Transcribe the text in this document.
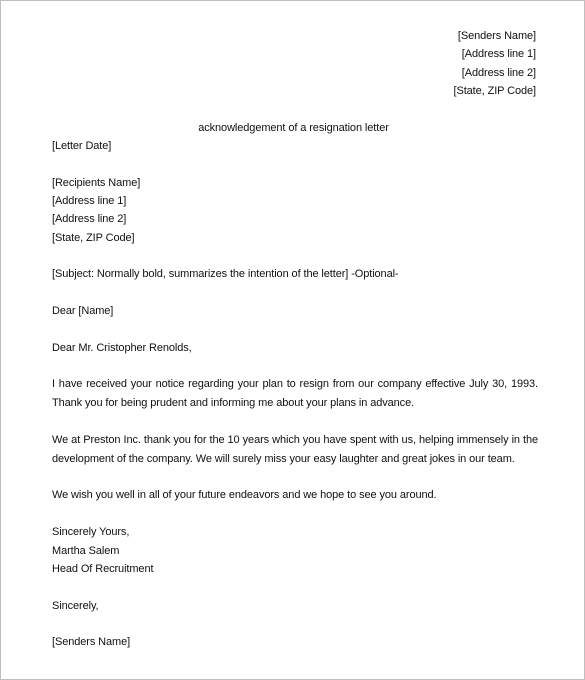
[Senders Name]
[Address line 1]
[Address line 2]
[State, ZIP Code]
acknowledgement of a resignation letter
[Letter Date]
[Recipients Name]
[Address line 1]
[Address line 2]
[State, ZIP Code]
[Subject: Normally bold, summarizes the intention of the letter] -Optional-
Dear [Name]
Dear Mr. Cristopher Renolds,
I have received your notice regarding your plan to resign from our company effective July 30, 1993. Thank you for being prudent and informing me about your plans in advance.
We at Preston Inc. thank you for the 10 years which you have spent with us, helping immensely in the development of the company. We will surely miss your easy laughter and great jokes in our team.
We wish you well in all of your future endeavors and we hope to see you around.
Sincerely Yours,
Martha Salem
Head Of Recruitment
Sincerely,
[Senders Name]
